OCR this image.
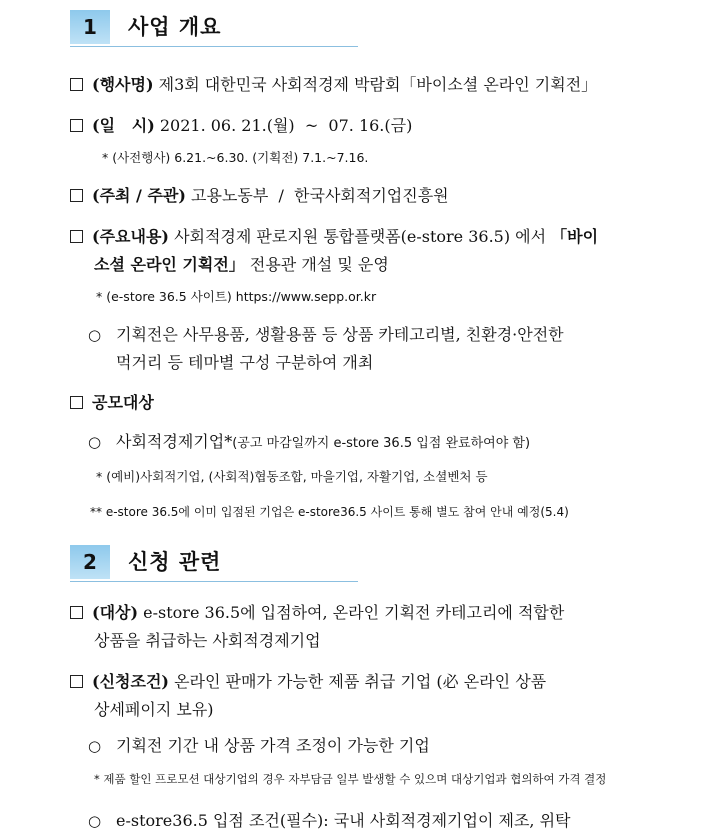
1	사업 개요
(행사명) 제3회 대한민국 사회적경제 박람회「바이소셜 온라인 기획전」
(일   시) 2021. 06. 21.(월)  ~  07. 16.(금)
* (사전행사) 6.21.~6.30. (기획전) 7.1.~7.16.
(주최 / 주관) 고용노동부  /  한국사회적기업진흥원
(주요내용) 사회적경제 판로지원 통합플랫폼(e-store 36.5) 에서 「바이
소셜 온라인 기획전」 전용관 개설 및 운영
* (e-store 36.5 사이트) https://www.sepp.or.kr
○ 기획전은 사무용품, 생활용품 등 상품 카테고리별, 친환경·안전한
먹거리 등 테마별 구성 구분하여 개최
공모대상
○ 사회적경제기업*(공고 마감일까지 e-store 36.5 입점 완료하여야 함)
* (예비)사회적기업, (사회적)협동조합, 마을기업, 자활기업, 소셜벤처 등
** e-store 36.5에 이미 입점된 기업은 e-store36.5 사이트 통해 별도 참여 안내 예정(5.4)
2	신청 관련
(대상) e-store 36.5에 입점하여, 온라인 기획전 카테고리에 적합한
상품을 취급하는 사회적경제기업
(신청조건) 온라인 판매가 가능한 제품 취급 기업 (必 온라인 상품
상세페이지 보유)
○ 기획전 기간 내 상품 가격 조정이 가능한 기업
* 제품 할인 프로모션 대상기업의 경우 자부담금 일부 발생할 수 있으며 대상기업과 협의하여 가격 결정
○ e-store36.5 입점 조건(필수): 국내 사회적경제기업이 제조, 위탁
